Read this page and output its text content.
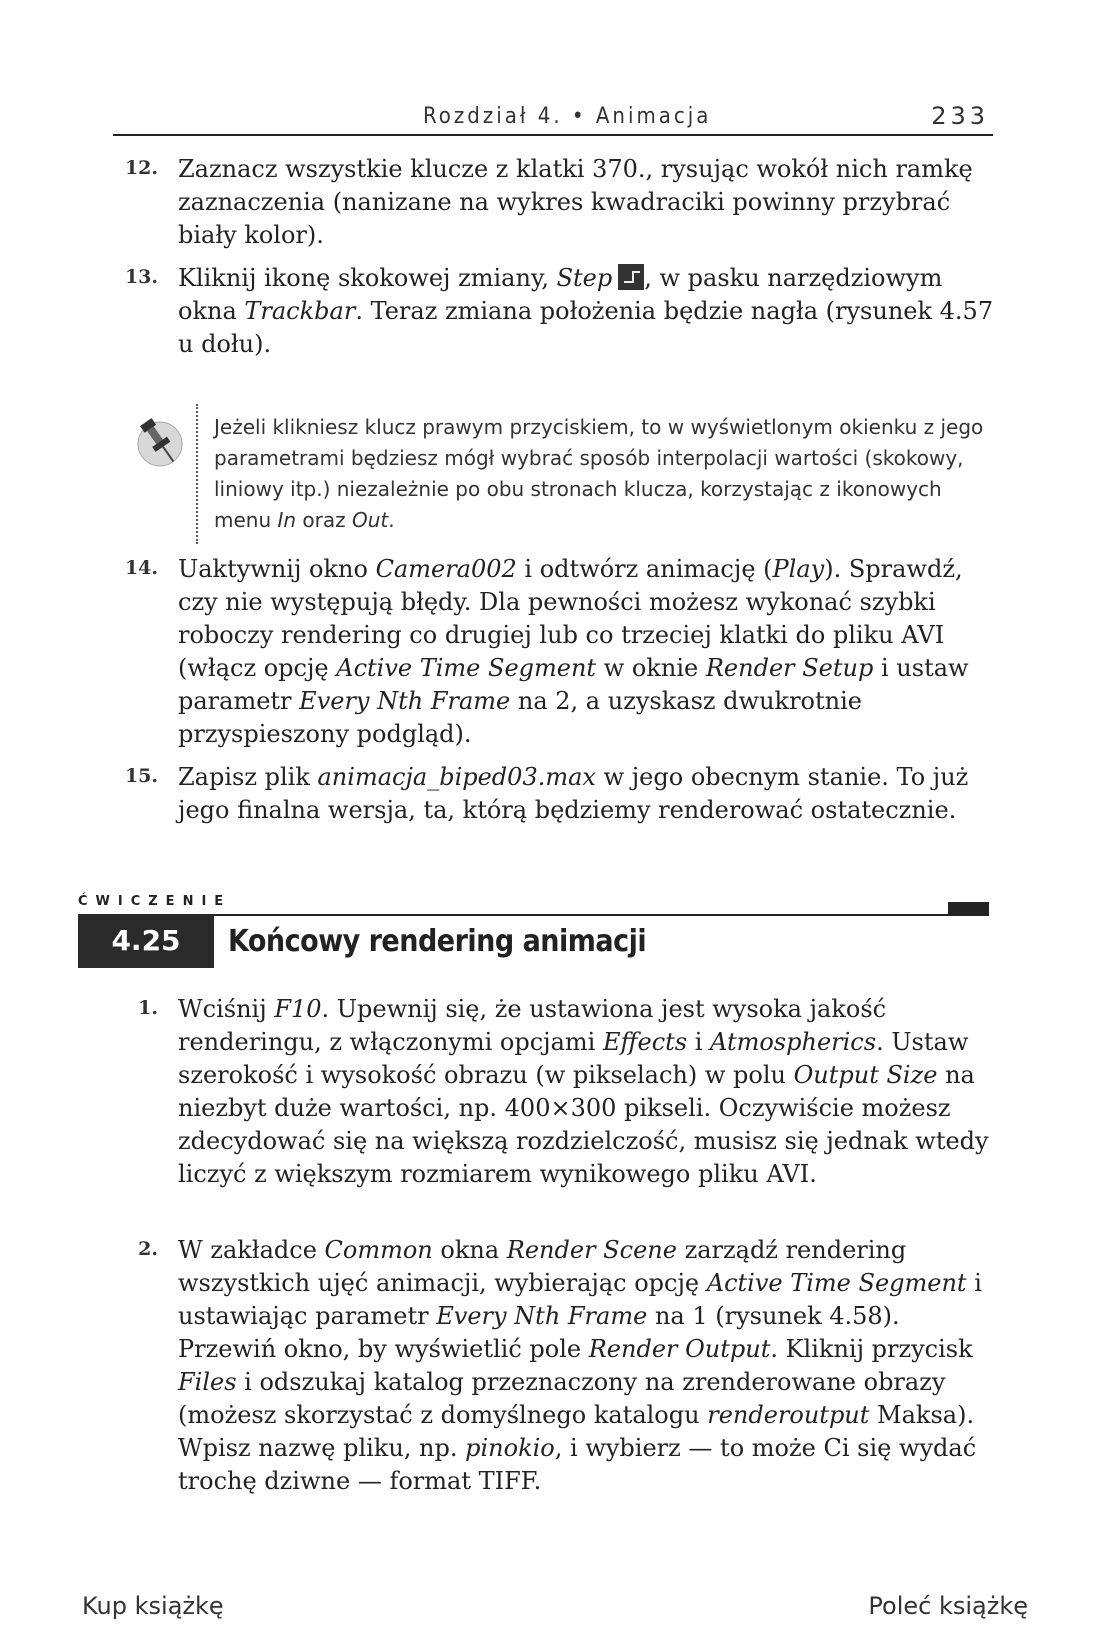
Rozdział 4. • Animacja	233
12. Zaznacz wszystkie klucze z klatki 370., rysując wokół nich ramkę zaznaczenia (nanizane na wykres kwadraciki powinny przybrać biały kolor).
13. Kliknij ikonę skokowej zmiany, Step , w pasku narzędziowym okna Trackbar. Teraz zmiana położenia będzie nagła (rysunek 4.57 u dołu).
Jeżeli klikniesz klucz prawym przyciskiem, to w wyświetlonym okienku z jego parametrami będziesz mógł wybrać sposób interpolacji wartości (skokowy, liniowy itp.) niezależnie po obu stronach klucza, korzystając z ikonowych menu In oraz Out.
14. Uaktywnij okno Camera002 i odtwórz animację (Play). Sprawdź, czy nie występują błędy. Dla pewności możesz wykonać szybki roboczy rendering co drugiej lub co trzeciej klatki do pliku AVI (włącz opcję Active Time Segment w oknie Render Setup i ustaw parametr Every Nth Frame na 2, a uzyskasz dwukrotnie przyspieszony podgląd).
15. Zapisz plik animacja_biped03.max w jego obecnym stanie. To już jego finalna wersja, ta, którą będziemy renderować ostatecznie.
ĆWICZENIE
4.25	Końcowy rendering animacji
1. Wciśnij F10. Upewnij się, że ustawiona jest wysoka jakość renderingu, z włączonymi opcjami Effects i Atmospherics. Ustaw szerokość i wysokość obrazu (w pikselach) w polu Output Size na niezbyt duże wartości, np. 400×300 pikseli. Oczywiście możesz zdecydować się na większą rozdzielczość, musisz się jednak wtedy liczyć z większym rozmiarem wynikowego pliku AVI.
2. W zakładce Common okna Render Scene zarządź rendering wszystkich ujęć animacji, wybierając opcję Active Time Segment i ustawiając parametr Every Nth Frame na 1 (rysunek 4.58). Przewiń okno, by wyświetlić pole Render Output. Kliknij przycisk Files i odszukaj katalog przeznaczony na zrenderowane obrazy (możesz skorzystać z domyślnego katalogu renderoutput Maksa). Wpisz nazwę pliku, np. pinokio, i wybierz — to może Ci się wydać trochę dziwne — format TIFF.
Kup książkę	Poleć książkę
